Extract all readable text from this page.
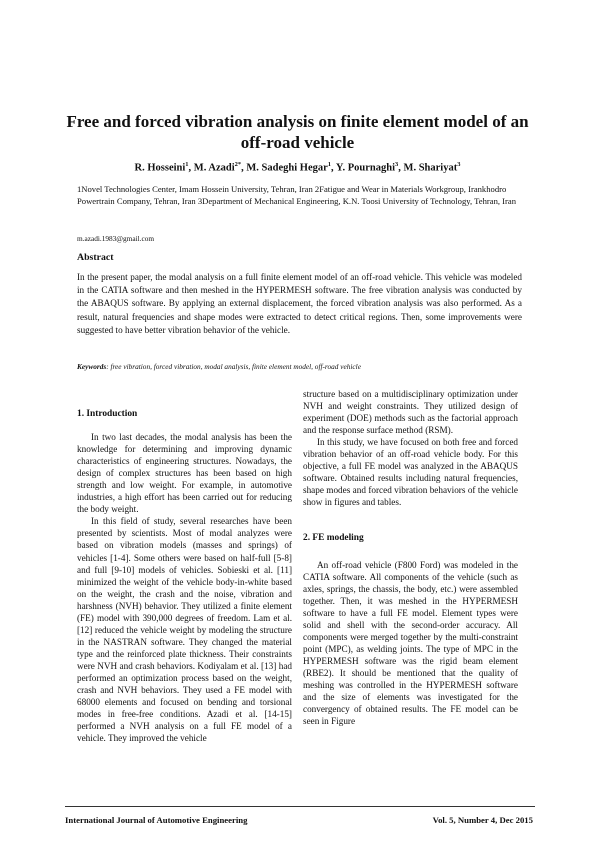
Free and forced vibration analysis on finite element model of an off-road vehicle
R. Hosseini$^1$, M. Azadi$^{2*}$, M. Sadeghi Hegar$^1$, Y. Pournaghi$^3$, M. Shariyat$^3$
1Novel Technologies Center, Imam Hossein University, Tehran, Iran 2Fatigue and Wear in Materials Workgroup, Irankhodro Powertrain Company, Tehran, Iran 3Department of Mechanical Engineering, K.N. Toosi University of Technology, Tehran, Iran
m.azadi.1983@gmail.com
Abstract
In the present paper, the modal analysis on a full finite element model of an off-road vehicle. This vehicle was modeled in the CATIA software and then meshed in the HYPERMESH software. The free vibration analysis was conducted by the ABAQUS software. By applying an external displacement, the forced vibration analysis was also performed. As a result, natural frequencies and shape modes were extracted to detect critical regions. Then, some improvements were suggested to have better vibration behavior of the vehicle.
Keywords: free vibration, forced vibration, modal analysis, finite element model, off-road vehicle
1. Introduction

In two last decades, the modal analysis has been the knowledge for determining and improving dynamic characteristics of engineering structures. Nowadays, the design of complex structures has been based on high strength and low weight. For example, in automotive industries, a high effort has been carried out for reducing the body weight.

In this field of study, several researches have been presented by scientists. Most of modal analyzes were based on vibration models (masses and springs) of vehicles [1-4]. Some others were based on half-full [5-8] and full [9-10] models of vehicles. Sobieski et al. [11] minimized the weight of the vehicle body-in-white based on the weight, the crash and the noise, vibration and harshness (NVH) behavior. They utilized a finite element (FE) model with 390,000 degrees of freedom. Lam et al. [12] reduced the vehicle weight by modeling the structure in the NASTRAN software. They changed the material type and the reinforced plate thickness. Their constraints were NVH and crash behaviors. Kodiyalam et al. [13] had performed an optimization process based on the weight, crash and NVH behaviors. They used a FE model with 68000 elements and focused on bending and torsional modes in free-free conditions. Azadi et al. [14-15] performed a NVH analysis on a full FE model of a vehicle. They improved the vehicle

structure based on a multidisciplinary optimization under NVH and weight constraints. They utilized design of experiment (DOE) methods such as the factorial approach and the response surface method (RSM).

In this study, we have focused on both free and forced vibration behavior of an off-road vehicle body. For this objective, a full FE model was analyzed in the ABAQUS software. Obtained results including natural frequencies, shape modes and forced vibration behaviors of the vehicle show in figures and tables.

2. FE modeling

An off-road vehicle (F800 Ford) was modeled in the CATIA software. All components of the vehicle (such as axles, springs, the chassis, the body, etc.) were assembled together. Then, it was meshed in the HYPERMESH software to have a full FE model. Element types were solid and shell with the second-order accuracy. All components were merged together by the multi-constraint point (MPC), as welding joints. The type of MPC in the HYPERMESH software was the rigid beam element (RBE2). It should be mentioned that the quality of meshing was controlled in the HYPERMESH software and the size of elements was investigated for the convergency of obtained results. The FE model can be seen in Figure

International Journal of Automotive Engineering	Vol. 5, Number 4, Dec 2015
